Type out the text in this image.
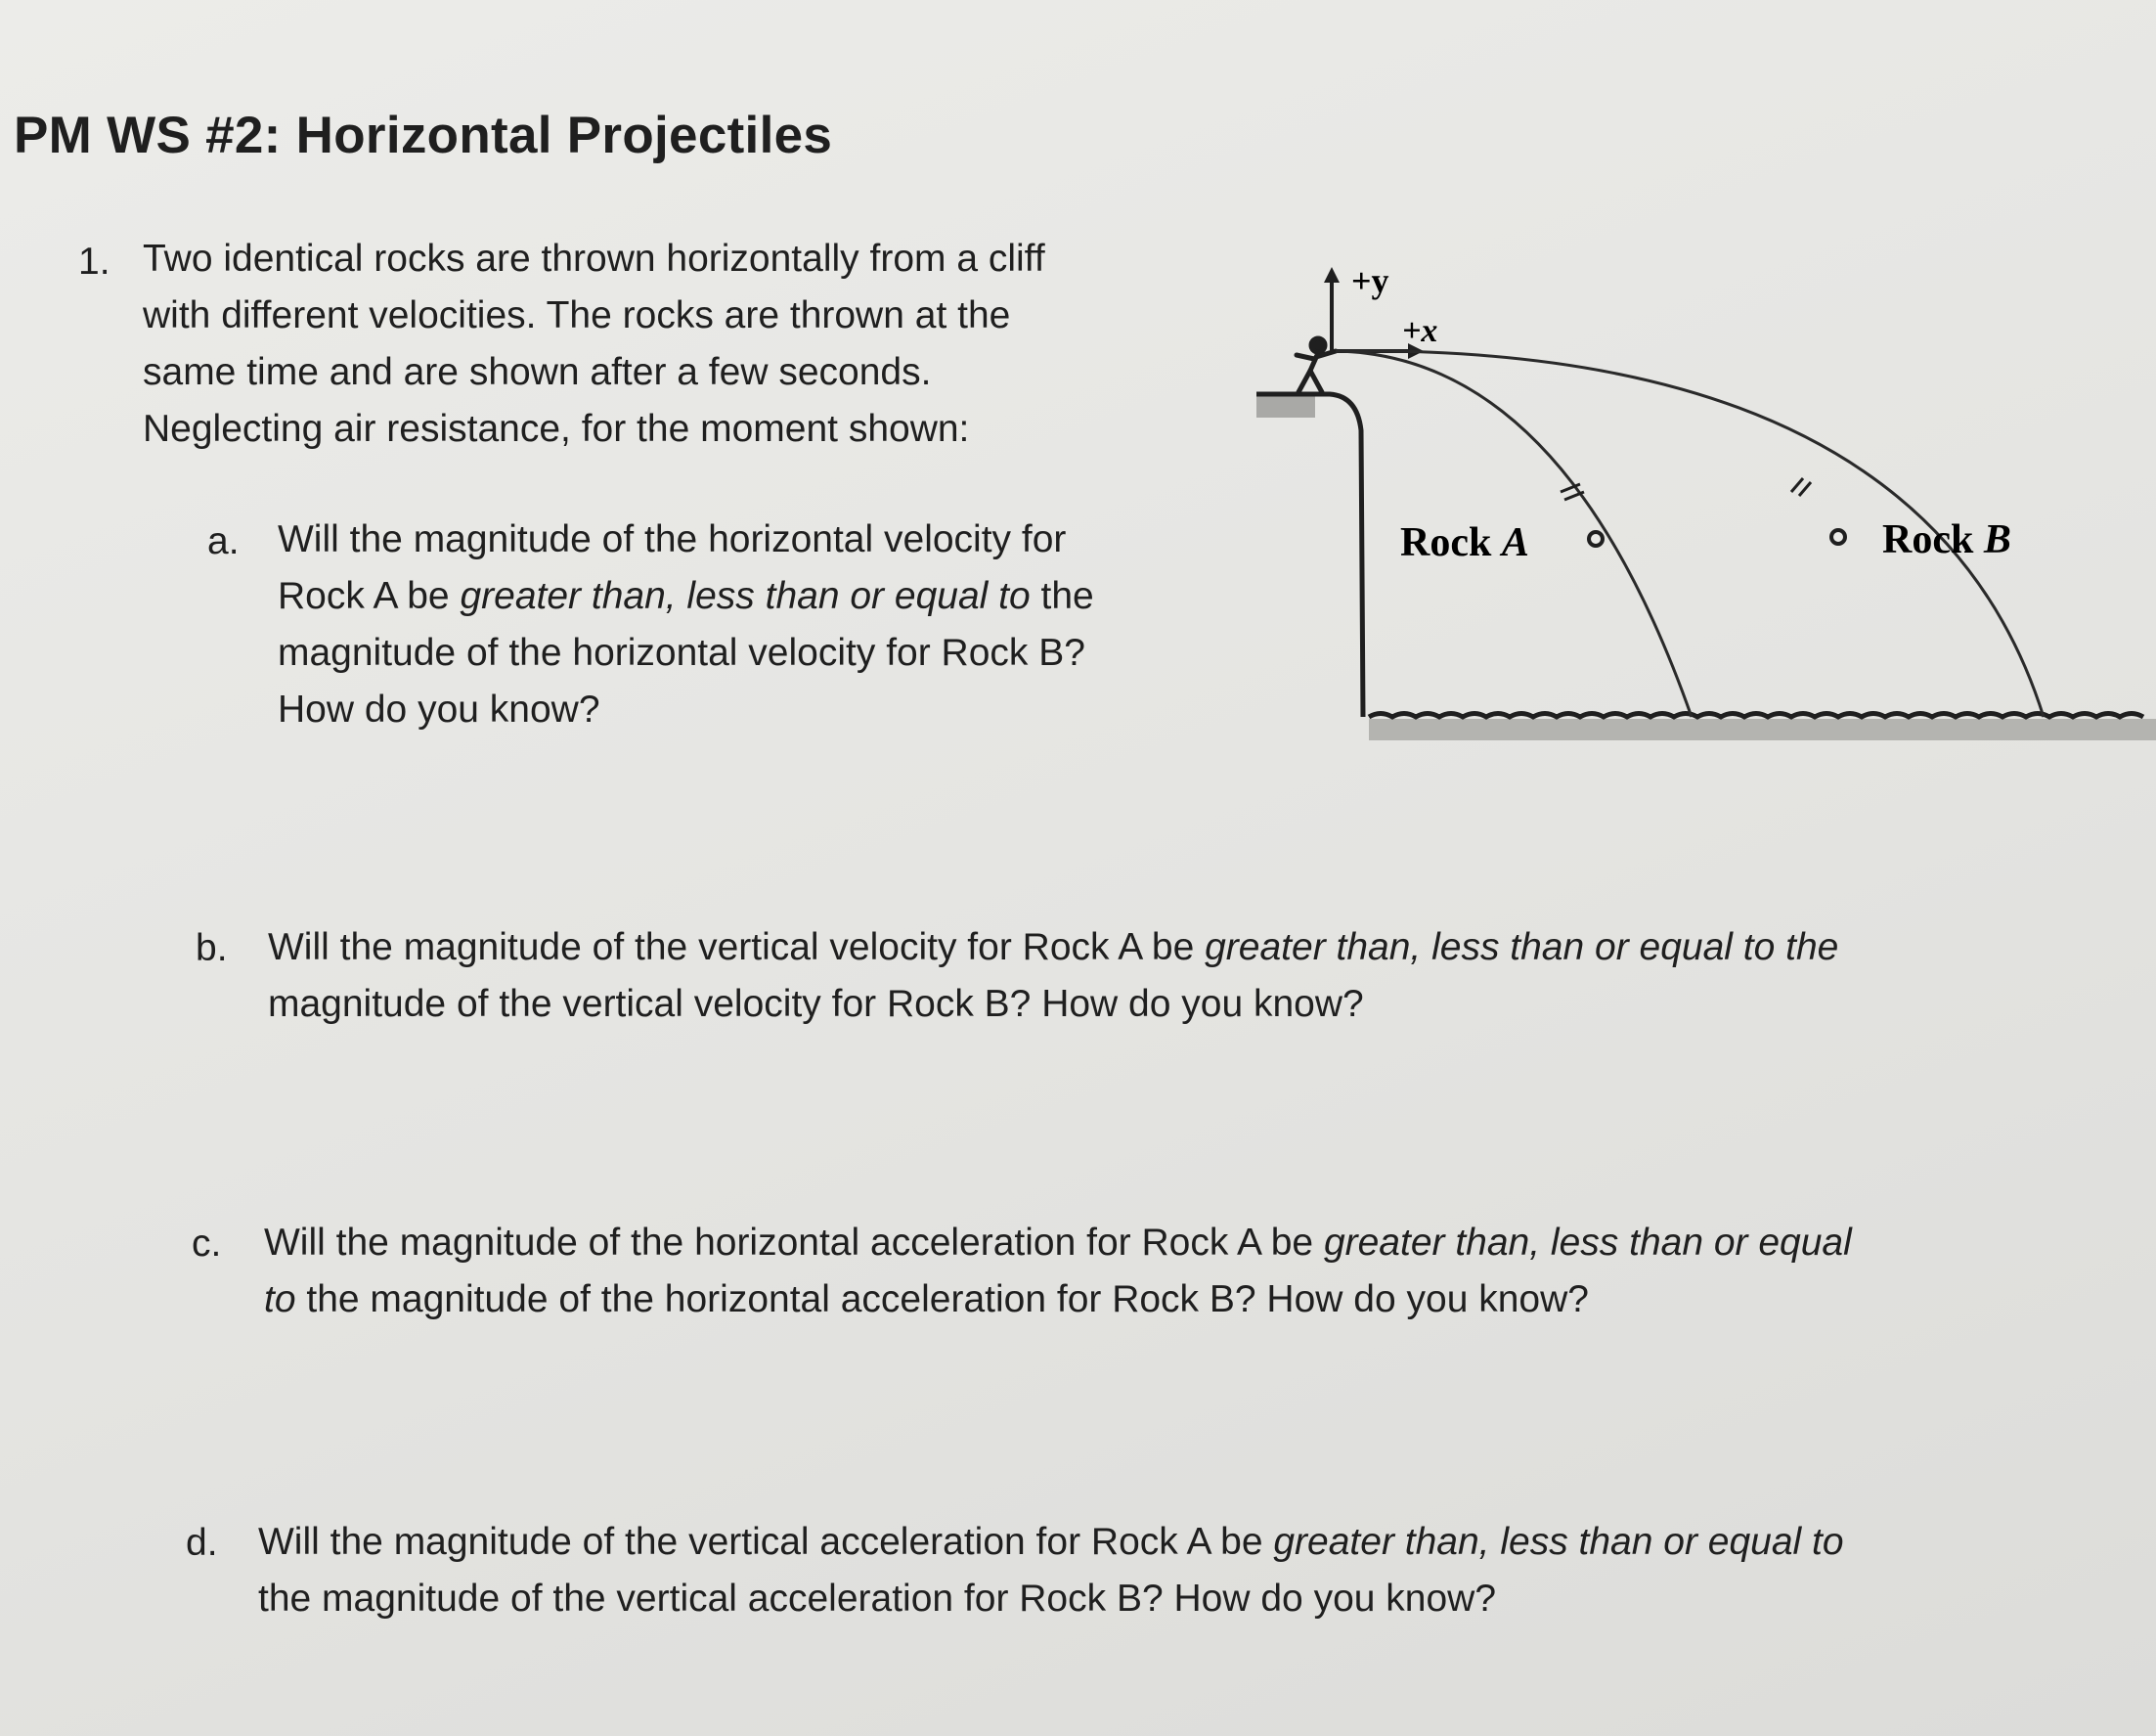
PM WS #2: Horizontal Projectiles
1. Two identical rocks are thrown horizontally from a cliff
with different velocities. The rocks are thrown at the
same time and are shown after a few seconds.
Neglecting air resistance, for the moment shown:
a. Will the magnitude of the horizontal velocity for
Rock A be greater than, less than or equal to the
magnitude of the horizontal velocity for Rock B?
How do you know?
+y
+x
Rock A	Rock B
b. Will the magnitude of the vertical velocity for Rock A be greater than, less than or equal to the
magnitude of the vertical velocity for Rock B? How do you know?
c. Will the magnitude of the horizontal acceleration for Rock A be greater than, less than or equal
to the magnitude of the horizontal acceleration for Rock B? How do you know?
d. Will the magnitude of the vertical acceleration for Rock A be greater than, less than or equal to
the magnitude of the vertical acceleration for Rock B? How do you know?
